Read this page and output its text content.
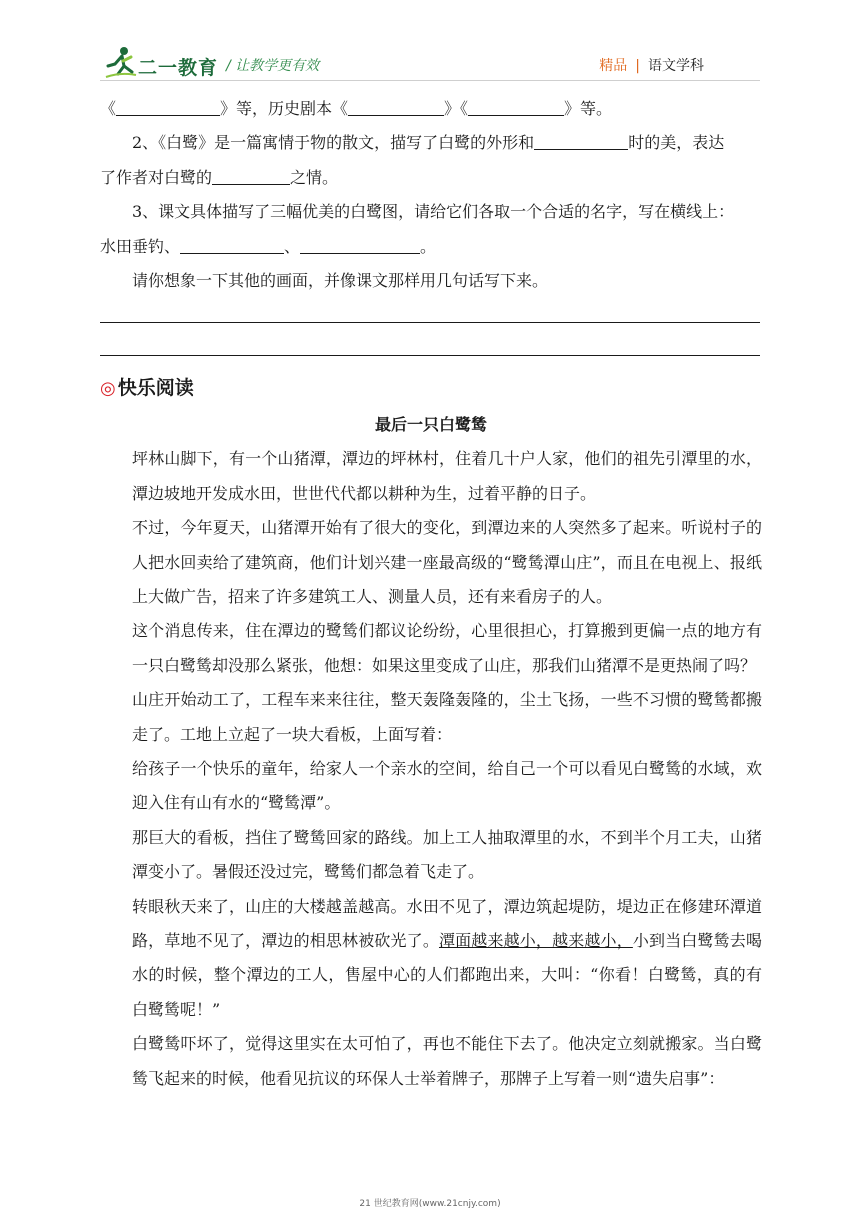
二一教育 / 让教学更有效	精品 | 语文学科
《	》等，历史剧本《	》《	》等。
2、《白鹭》是一篇寓情于物的散文，描写了白鹭的外形和	时的美，表达
了作者对白鹭的	之情。
3、课文具体描写了三幅优美的白鹭图，请给它们各取一个合适的名字，写在横线上：
水田垂钓、	、	。
请你想象一下其他的画面，并像课文那样用几句话写下来。
◎ 快乐阅读
最后一只白鹭鸶
坪林山脚下，有一个山猪潭，潭边的坪林村，住着几十户人家，他们的祖先引潭里的水，潭边坡地开发成水田，世世代代都以耕种为生，过着平静的日子。
不过，今年夏天，山猪潭开始有了很大的变化，到潭边来的人突然多了起来。听说村子的人把水回卖给了建筑商，他们计划兴建一座最高级的“鹭鸶潭山庄”，而且在电视上、报纸上大做广告，招来了许多建筑工人、测量人员，还有来看房子的人。
这个消息传来，住在潭边的鹭鸶们都议论纷纷，心里很担心，打算搬到更偏一点的地方有一只白鹭鸶却没那么紧张，他想：如果这里变成了山庄，那我们山猪潭不是更热闹了吗？
山庄开始动工了，工程车来来往往，整天轰隆轰隆的，尘土飞扬，一些不习惯的鹭鸶都搬走了。工地上立起了一块大看板，上面写着：
给孩子一个快乐的童年，给家人一个亲水的空间，给自己一个可以看见白鹭鸶的水域，欢迎入住有山有水的“鹭鸶潭”。
那巨大的看板，挡住了鹭鸶回家的路线。加上工人抽取潭里的水，不到半个月工夫，山猪潭变小了。暑假还没过完，鹭鸶们都急着飞走了。
转眼秋天来了，山庄的大楼越盖越高。水田不见了，潭边筑起堤防，堤边正在修建环潭道路，草地不见了，潭边的相思林被砍光了。潭面越来越小，越来越小，小到当白鹭鸶去喝水的时候，整个潭边的工人，售屋中心的人们都跑出来，大叫：“你看！白鹭鸶，真的有白鹭鸶呢！”
白鹭鸶吓坏了，觉得这里实在太可怕了，再也不能住下去了。他决定立刻就搬家。当白鹭鸶飞起来的时候，他看见抗议的环保人士举着牌子，那牌子上写着一则“遗失启事”：
21 世纪教育网(www.21cnjy.com)
